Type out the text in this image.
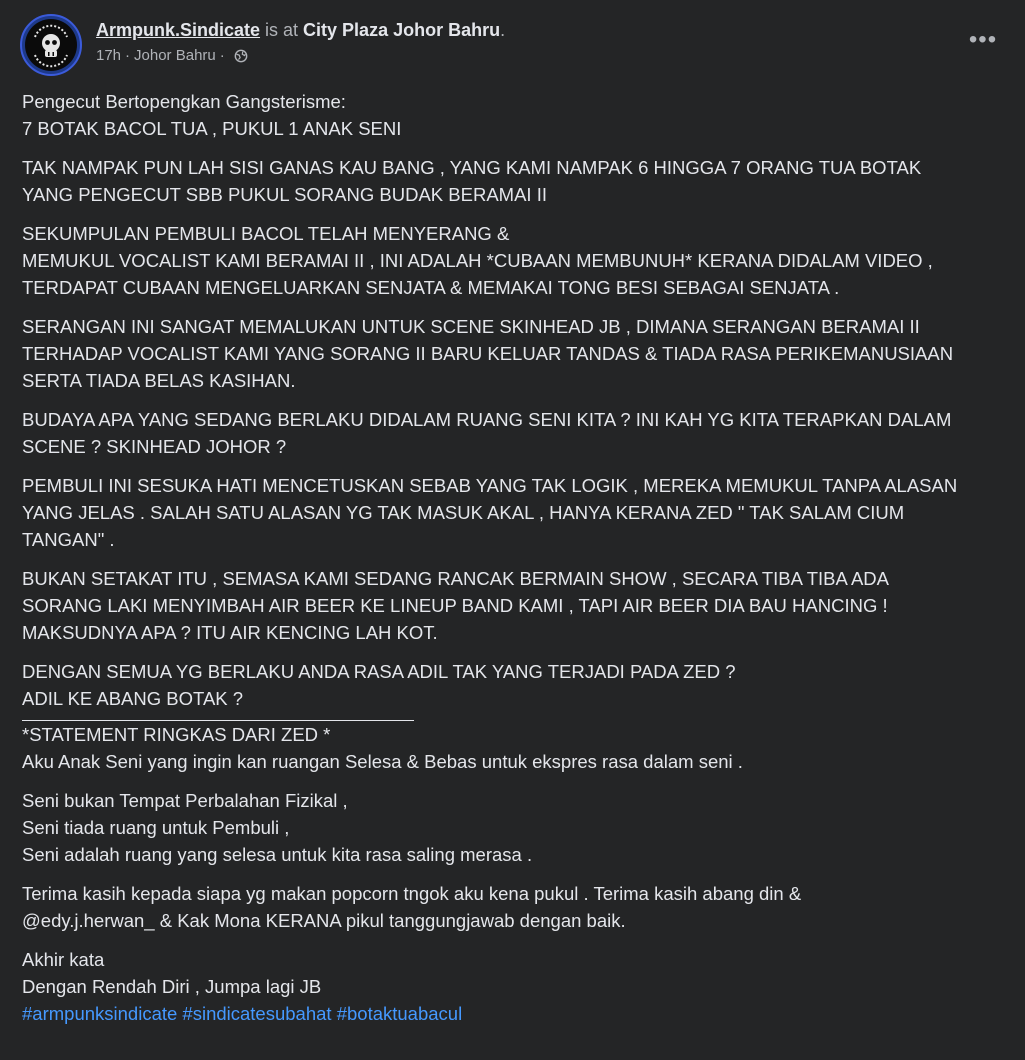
Armpunk.Sindicate is at City Plaza Johor Bahru.
17h · Johor Bahru ·
•••
Pengecut Bertopengkan Gangsterisme:
7 BOTAK BACOL TUA , PUKUL 1 ANAK SENI
TAK NAMPAK PUN LAH SISI GANAS KAU BANG , YANG KAMI NAMPAK 6 HINGGA 7 ORANG TUA BOTAK
YANG PENGECUT SBB PUKUL SORANG BUDAK BERAMAI II
SEKUMPULAN PEMBULI BACOL TELAH MENYERANG &
MEMUKUL VOCALIST KAMI BERAMAI II , INI ADALAH *CUBAAN MEMBUNUH* KERANA DIDALAM VIDEO ,
TERDAPAT CUBAAN MENGELUARKAN SENJATA & MEMAKAI TONG BESI SEBAGAI SENJATA .
SERANGAN INI SANGAT MEMALUKAN UNTUK SCENE SKINHEAD JB , DIMANA SERANGAN BERAMAI II
TERHADAP VOCALIST KAMI YANG SORANG II BARU KELUAR TANDAS & TIADA RASA PERIKEMANUSIAAN
SERTA TIADA BELAS KASIHAN.
BUDAYA APA YANG SEDANG BERLAKU DIDALAM RUANG SENI KITA ? INI KAH YG KITA TERAPKAN DALAM
SCENE ? SKINHEAD JOHOR ?
PEMBULI INI SESUKA HATI MENCETUSKAN SEBAB YANG TAK LOGIK , MEREKA MEMUKUL TANPA ALASAN
YANG JELAS . SALAH SATU ALASAN YG TAK MASUK AKAL , HANYA KERANA ZED " TAK SALAM CIUM
TANGAN" .
BUKAN SETAKAT ITU , SEMASA KAMI SEDANG RANCAK BERMAIN SHOW , SECARA TIBA TIBA ADA
SORANG LAKI MENYIMBAH AIR BEER KE LINEUP BAND KAMI , TAPI AIR BEER DIA BAU HANCING !
MAKSUDNYA APA ? ITU AIR KENCING LAH KOT.
DENGAN SEMUA YG BERLAKU ANDA RASA ADIL TAK YANG TERJADI PADA ZED ?
ADIL KE ABANG BOTAK ?
*STATEMENT RINGKAS DARI ZED *
Aku Anak Seni yang ingin kan ruangan Selesa & Bebas untuk ekspres rasa dalam seni .
Seni bukan Tempat Perbalahan Fizikal ,
Seni tiada ruang untuk Pembuli ,
Seni adalah ruang yang selesa untuk kita rasa saling merasa .
Terima kasih kepada siapa yg makan popcorn tngok aku kena pukul . Terima kasih abang din &
@edy.j.herwan_ & Kak Mona KERANA pikul tanggungjawab dengan baik.
Akhir kata
Dengan Rendah Diri , Jumpa lagi JB
#armpunksindicate #sindicatesubahat #botaktuabacul
